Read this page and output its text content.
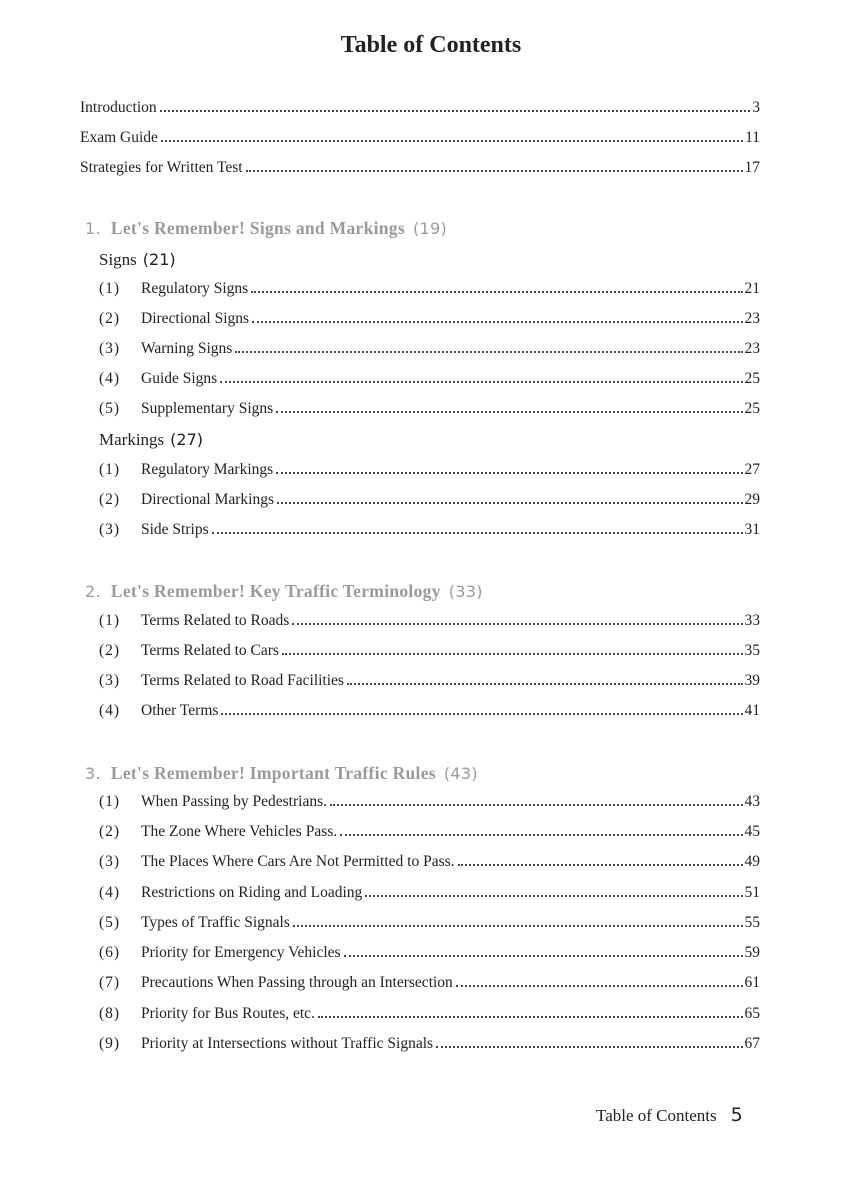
Table of Contents
Introduction	3
Exam Guide	11
Strategies for Written Test	17
1. Let's Remember! Signs and Markings (19)
Signs (21)
(1)	Regulatory Signs	21
(2)	Directional Signs	23
(3)	Warning Signs	23
(4)	Guide Signs	25
(5)	Supplementary Signs	25
Markings (27)
(1)	Regulatory Markings	27
(2)	Directional Markings	29
(3)	Side Strips	31
2. Let's Remember! Key Traffic Terminology (33)
(1)	Terms Related to Roads	33
(2)	Terms Related to Cars	35
(3)	Terms Related to Road Facilities	39
(4)	Other Terms	41
3. Let's Remember! Important Traffic Rules (43)
(1)	When Passing by Pedestrians.	43
(2)	The Zone Where Vehicles Pass.	45
(3)	The Places Where Cars Are Not Permitted to Pass.	49
(4)	Restrictions on Riding and Loading	51
(5)	Types of Traffic Signals	55
(6)	Priority for Emergency Vehicles	59
(7)	Precautions When Passing through an Intersection	61
(8)	Priority for Bus Routes, etc.	65
(9)	Priority at Intersections without Traffic Signals	67
Table of Contents 5
